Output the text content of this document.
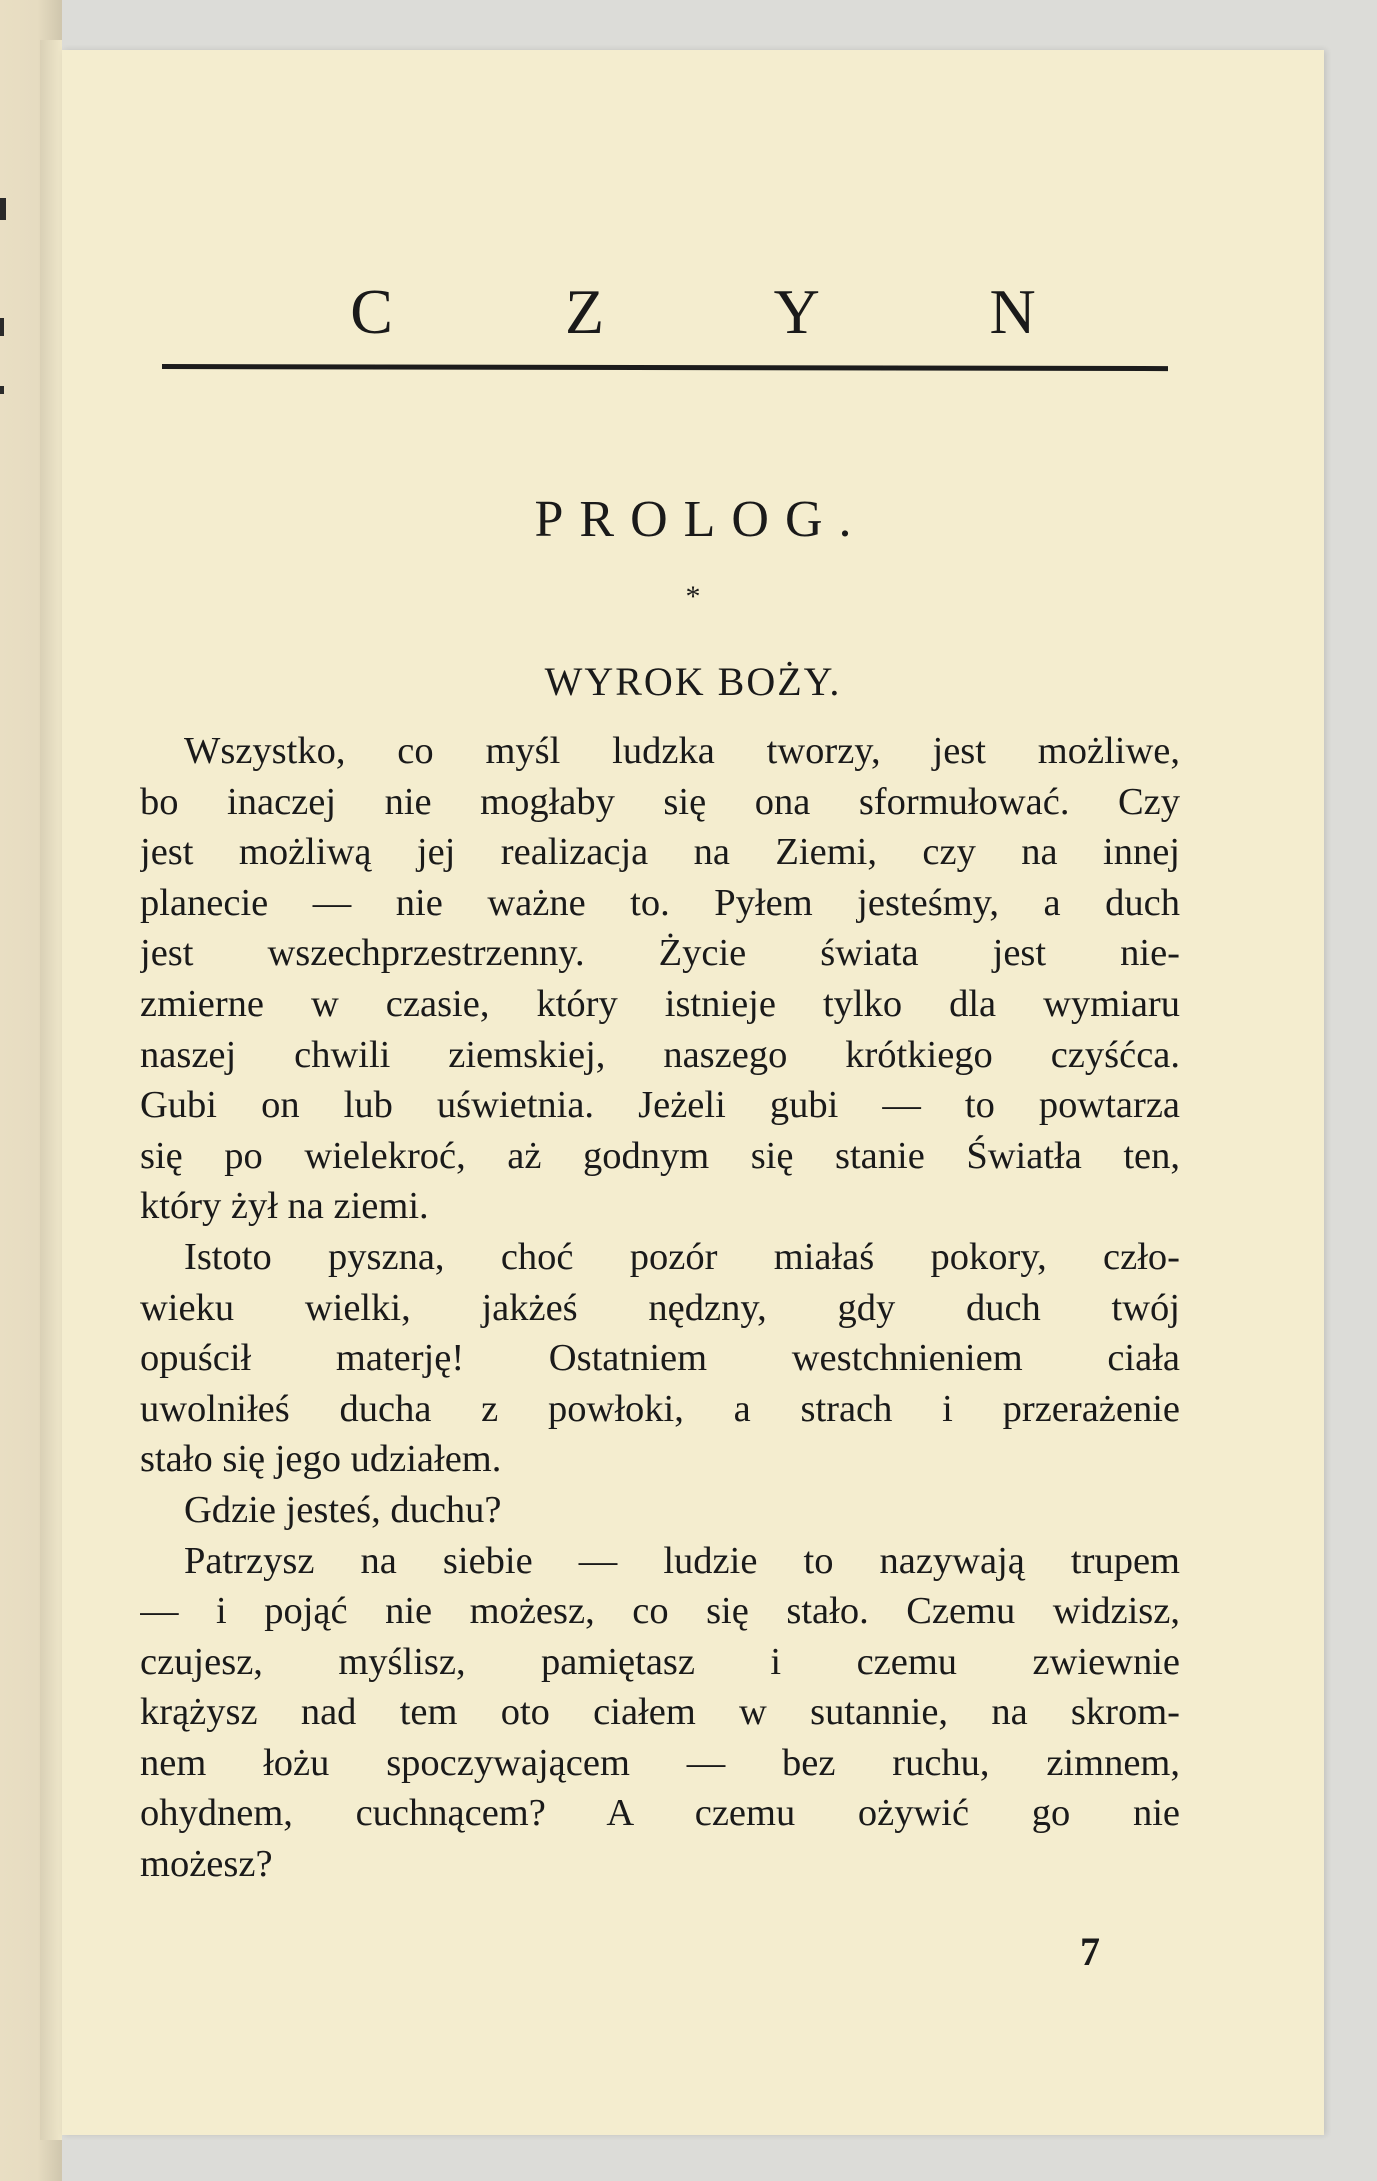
C Z Y N
PROLOG.
*
WYROK BOŻY.
Wszystko, co myśl ludzka tworzy, jest możliwe,
bo inaczej nie mogłaby się ona sformułować. Czy
jest możliwą jej realizacja na Ziemi, czy na innej
planecie — nie ważne to. Pyłem jesteśmy, a duch
jest wszechprzestrzenny. Życie świata jest nie-
zmierne w czasie, który istnieje tylko dla wymiaru
naszej chwili ziemskiej, naszego krótkiego czyśćca.
Gubi on lub uświetnia. Jeżeli gubi — to powtarza
się po wielekroć, aż godnym się stanie Światła ten,
który żył na ziemi.
Istoto pyszna, choć pozór miałaś pokory, czło-
wieku wielki, jakżeś nędzny, gdy duch twój
opuścił materję! Ostatniem westchnieniem ciała
uwolniłeś ducha z powłoki, a strach i przerażenie
stało się jego udziałem.
Gdzie jesteś, duchu?
Patrzysz na siebie — ludzie to nazywają trupem
— i pojąć nie możesz, co się stało. Czemu widzisz,
czujesz, myślisz, pamiętasz i czemu zwiewnie
krążysz nad tem oto ciałem w sutannie, na skrom-
nem łożu spoczywającem — bez ruchu, zimnem,
ohydnem, cuchnącem? A czemu ożywić go nie
możesz?
7
